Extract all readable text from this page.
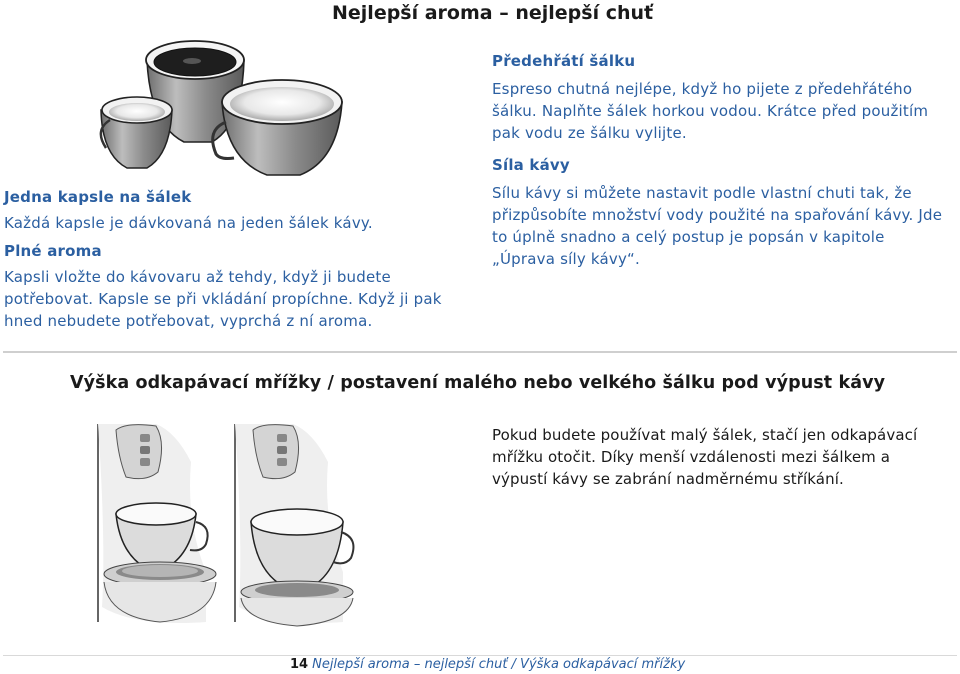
Nejlepší aroma – nejlepší chuť
Jedna kapsle na šálek
Každá kapsle je dávkovaná na jeden šálek kávy.
Plné aroma
Kapsli vložte do kávovaru až tehdy, když ji budete potřebovat. Kapsle se při vkládání propíchne. Když ji pak hned nebudete potřebovat, vyprchá z ní aroma.
Předehřátí šálku
Espreso chutná nejlépe, když ho pijete z předehřátého šálku. Naplňte šálek horkou vodou. Krátce před použitím pak vodu ze šálku vylijte.
Síla kávy
Sílu kávy si můžete nastavit podle vlastní chuti tak, že přizpůsobíte množství vody použité na spařování kávy. Jde to úplně snadno a celý postup je popsán v kapitole „Úprava síly kávy“.
Výška odkapávací mřížky / postavení malého nebo velkého šálku pod výpust kávy
Pokud budete používat malý šálek, stačí jen odkapávací mřížku otočit. Díky menší vzdálenosti mezi šálkem a výpustí kávy se zabrání nadměrnému stříkání.
14 Nejlepší aroma – nejlepší chuť / Výška odkapávací mřížky
